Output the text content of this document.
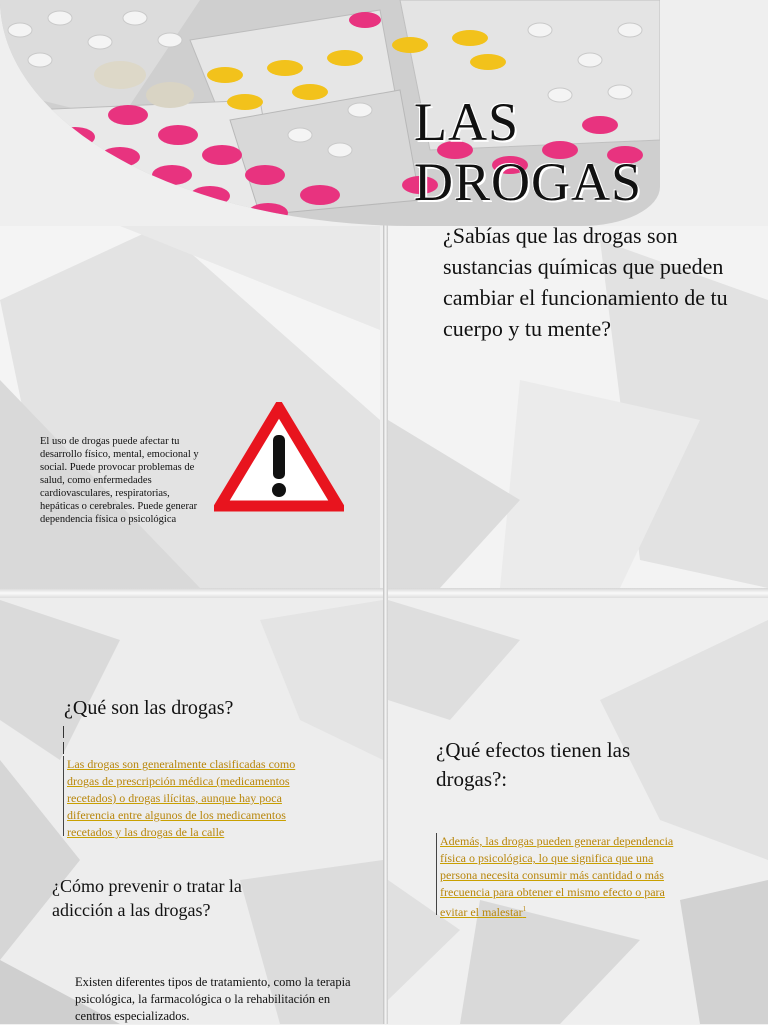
LAS
DROGAS
¿Sabías que las drogas son sustancias químicas que pueden cambiar el funcionamiento de tu cuerpo y tu mente?
El uso de drogas puede afectar tu desarrollo físico, mental, emocional y social. Puede provocar problemas de salud, como enfermedades cardiovasculares, respiratorias, hepáticas o cerebrales. Puede generar dependencia física o psicológica
¿Qué son las drogas?
Las drogas son generalmente clasificadas como
drogas de prescripción médica (medicamentos
recetados) o drogas ilícitas, aunque hay poca
diferencia entre algunos de los medicamentos
recetados y las drogas de la calle
¿Cómo prevenir o tratar la adicción a las drogas?
Existen diferentes tipos de tratamiento, como la terapia psicológica, la farmacológica o la rehabilitación en centros especializados.
¿Qué efectos tienen las drogas?:
Además, las drogas pueden generar dependencia
física o psicológica, lo que significa que una
persona necesita consumir más cantidad o más
frecuencia para obtener el mismo efecto o para
evitar el malestar$^1$
